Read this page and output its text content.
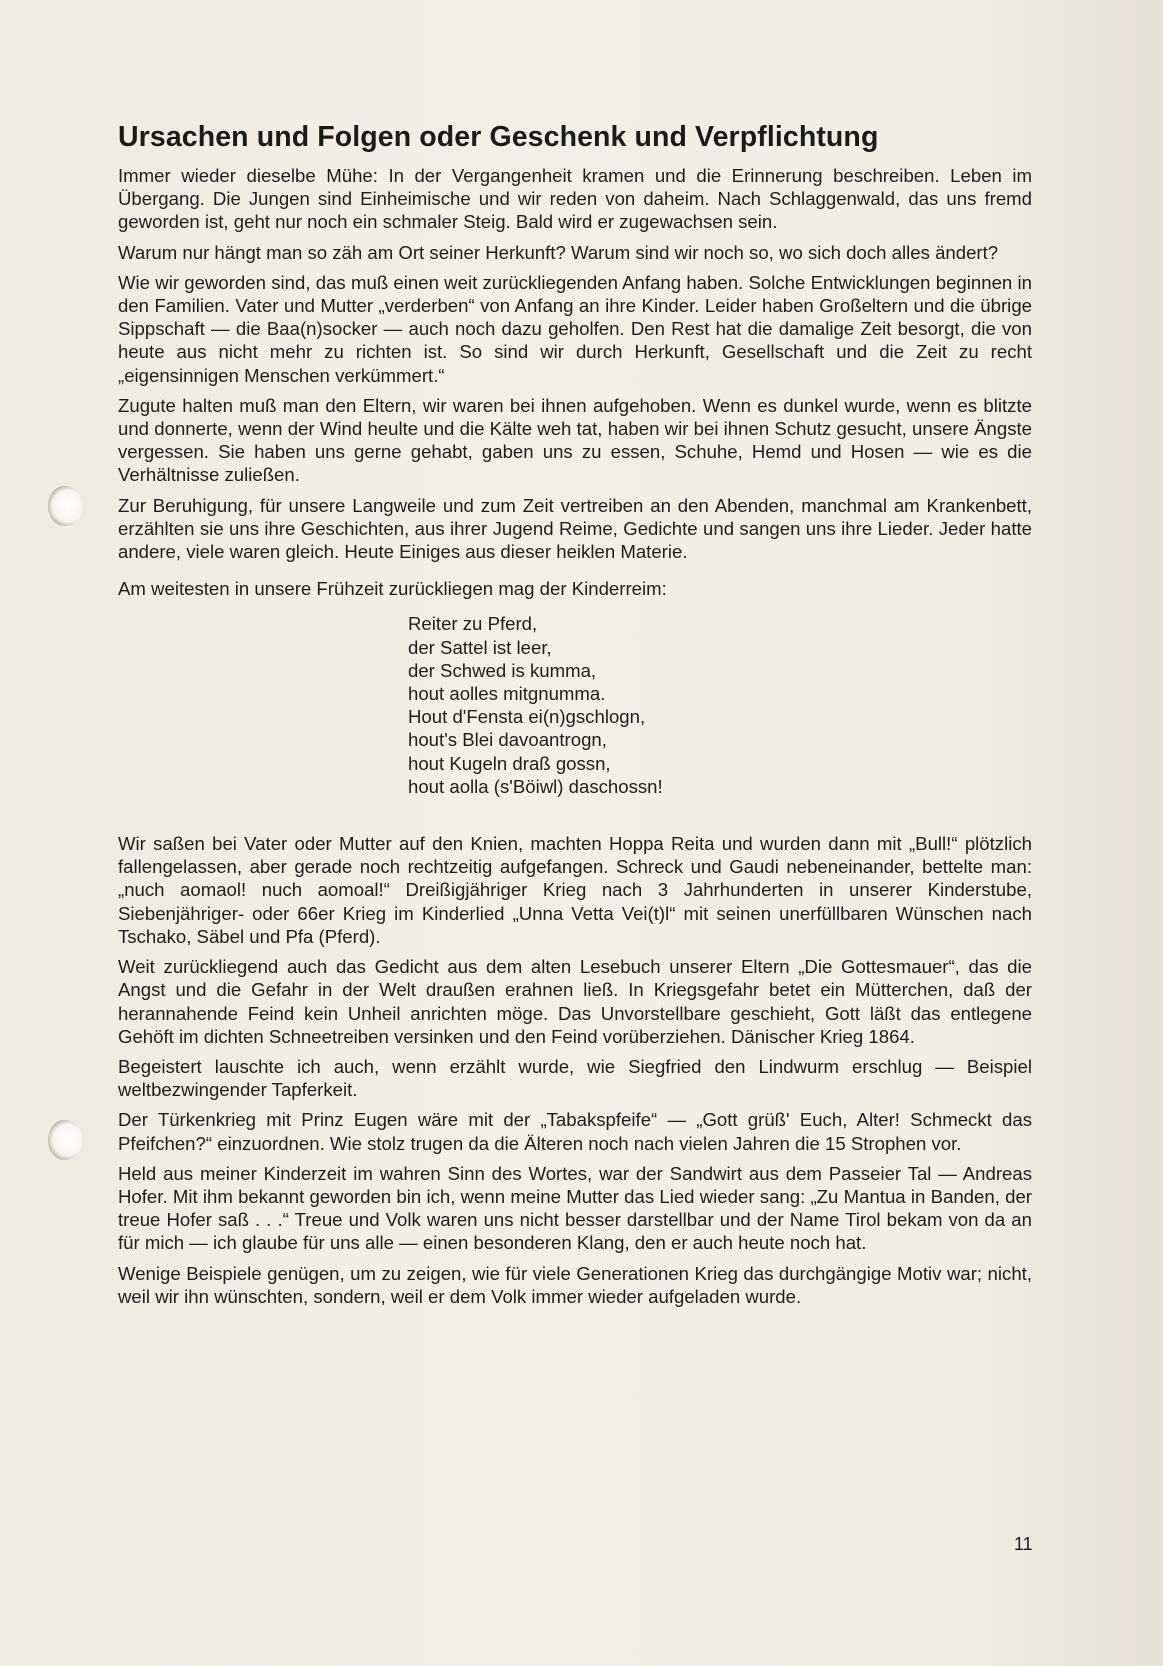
Ursachen und Folgen oder Geschenk und Verpflichtung

Immer wieder dieselbe Mühe: In der Vergangenheit kramen und die Erinnerung beschreiben. Leben im Übergang. Die Jungen sind Einheimische und wir reden von daheim. Nach Schlaggenwald, das uns fremd geworden ist, geht nur noch ein schmaler Steig. Bald wird er zugewachsen sein.

Warum nur hängt man so zäh am Ort seiner Herkunft? Warum sind wir noch so, wo sich doch alles ändert?

Wie wir geworden sind, das muß einen weit zurückliegenden Anfang haben. Solche Entwicklungen beginnen in den Familien. Vater und Mutter „verderben“ von Anfang an ihre Kinder. Leider haben Großeltern und die übrige Sippschaft — die Baa(n)socker — auch noch dazu geholfen. Den Rest hat die damalige Zeit besorgt, die von heute aus nicht mehr zu richten ist. So sind wir durch Herkunft, Gesellschaft und die Zeit zu recht „eigensinnigen Menschen verkümmert.“

Zugute halten muß man den Eltern, wir waren bei ihnen aufgehoben. Wenn es dunkel wurde, wenn es blitzte und donnerte, wenn der Wind heulte und die Kälte weh tat, haben wir bei ihnen Schutz gesucht, unsere Ängste vergessen. Sie haben uns gerne gehabt, gaben uns zu essen, Schuhe, Hemd und Hosen — wie es die Verhältnisse zuließen.

Zur Beruhigung, für unsere Langweile und zum Zeit vertreiben an den Abenden, manchmal am Krankenbett, erzählten sie uns ihre Geschichten, aus ihrer Jugend Reime, Gedichte und sangen uns ihre Lieder. Jeder hatte andere, viele waren gleich. Heute Einiges aus dieser heiklen Materie.

Am weitesten in unsere Frühzeit zurückliegen mag der Kinderreim:

Reiter zu Pferd,
der Sattel ist leer,
der Schwed is kumma,
hout aolles mitgnumma.
Hout d'Fensta ei(n)gschlogn,
hout's Blei davoantrogn,
hout Kugeln draß gossn,
hout aolla (s'Böiwl) daschossn!

Wir saßen bei Vater oder Mutter auf den Knien, machten Hoppa Reita und wurden dann mit „Bull!“ plötzlich fallengelassen, aber gerade noch rechtzeitig aufgefangen. Schreck und Gaudi nebeneinander, bettelte man: „nuch aomaol! nuch aomoal!“ Dreißigjähriger Krieg nach 3 Jahrhunderten in unserer Kinderstube, Siebenjähriger- oder 66er Krieg im Kinderlied „Unna Vetta Vei(t)l“ mit seinen unerfüllbaren Wünschen nach Tschako, Säbel und Pfa (Pferd).

Weit zurückliegend auch das Gedicht aus dem alten Lesebuch unserer Eltern „Die Gottesmauer“, das die Angst und die Gefahr in der Welt draußen erahnen ließ. In Kriegsgefahr betet ein Mütterchen, daß der herannahende Feind kein Unheil anrichten möge. Das Unvorstellbare geschieht, Gott läßt das entlegene Gehöft im dichten Schneetreiben versinken und den Feind vorüberziehen. Dänischer Krieg 1864.

Begeistert lauschte ich auch, wenn erzählt wurde, wie Siegfried den Lindwurm erschlug — Beispiel weltbezwingender Tapferkeit.

Der Türkenkrieg mit Prinz Eugen wäre mit der „Tabakspfeife“ — „Gott grüß' Euch, Alter! Schmeckt das Pfeifchen?“ einzuordnen. Wie stolz trugen da die Älteren noch nach vielen Jahren die 15 Strophen vor.

Held aus meiner Kinderzeit im wahren Sinn des Wortes, war der Sandwirt aus dem Passeier Tal — Andreas Hofer. Mit ihm bekannt geworden bin ich, wenn meine Mutter das Lied wieder sang: „Zu Mantua in Banden, der treue Hofer saß . . .“ Treue und Volk waren uns nicht besser darstellbar und der Name Tirol bekam von da an für mich — ich glaube für uns alle — einen besonderen Klang, den er auch heute noch hat.

Wenige Beispiele genügen, um zu zeigen, wie für viele Generationen Krieg das durchgängige Motiv war; nicht, weil wir ihn wünschten, sondern, weil er dem Volk immer wieder aufgeladen wurde.

11
